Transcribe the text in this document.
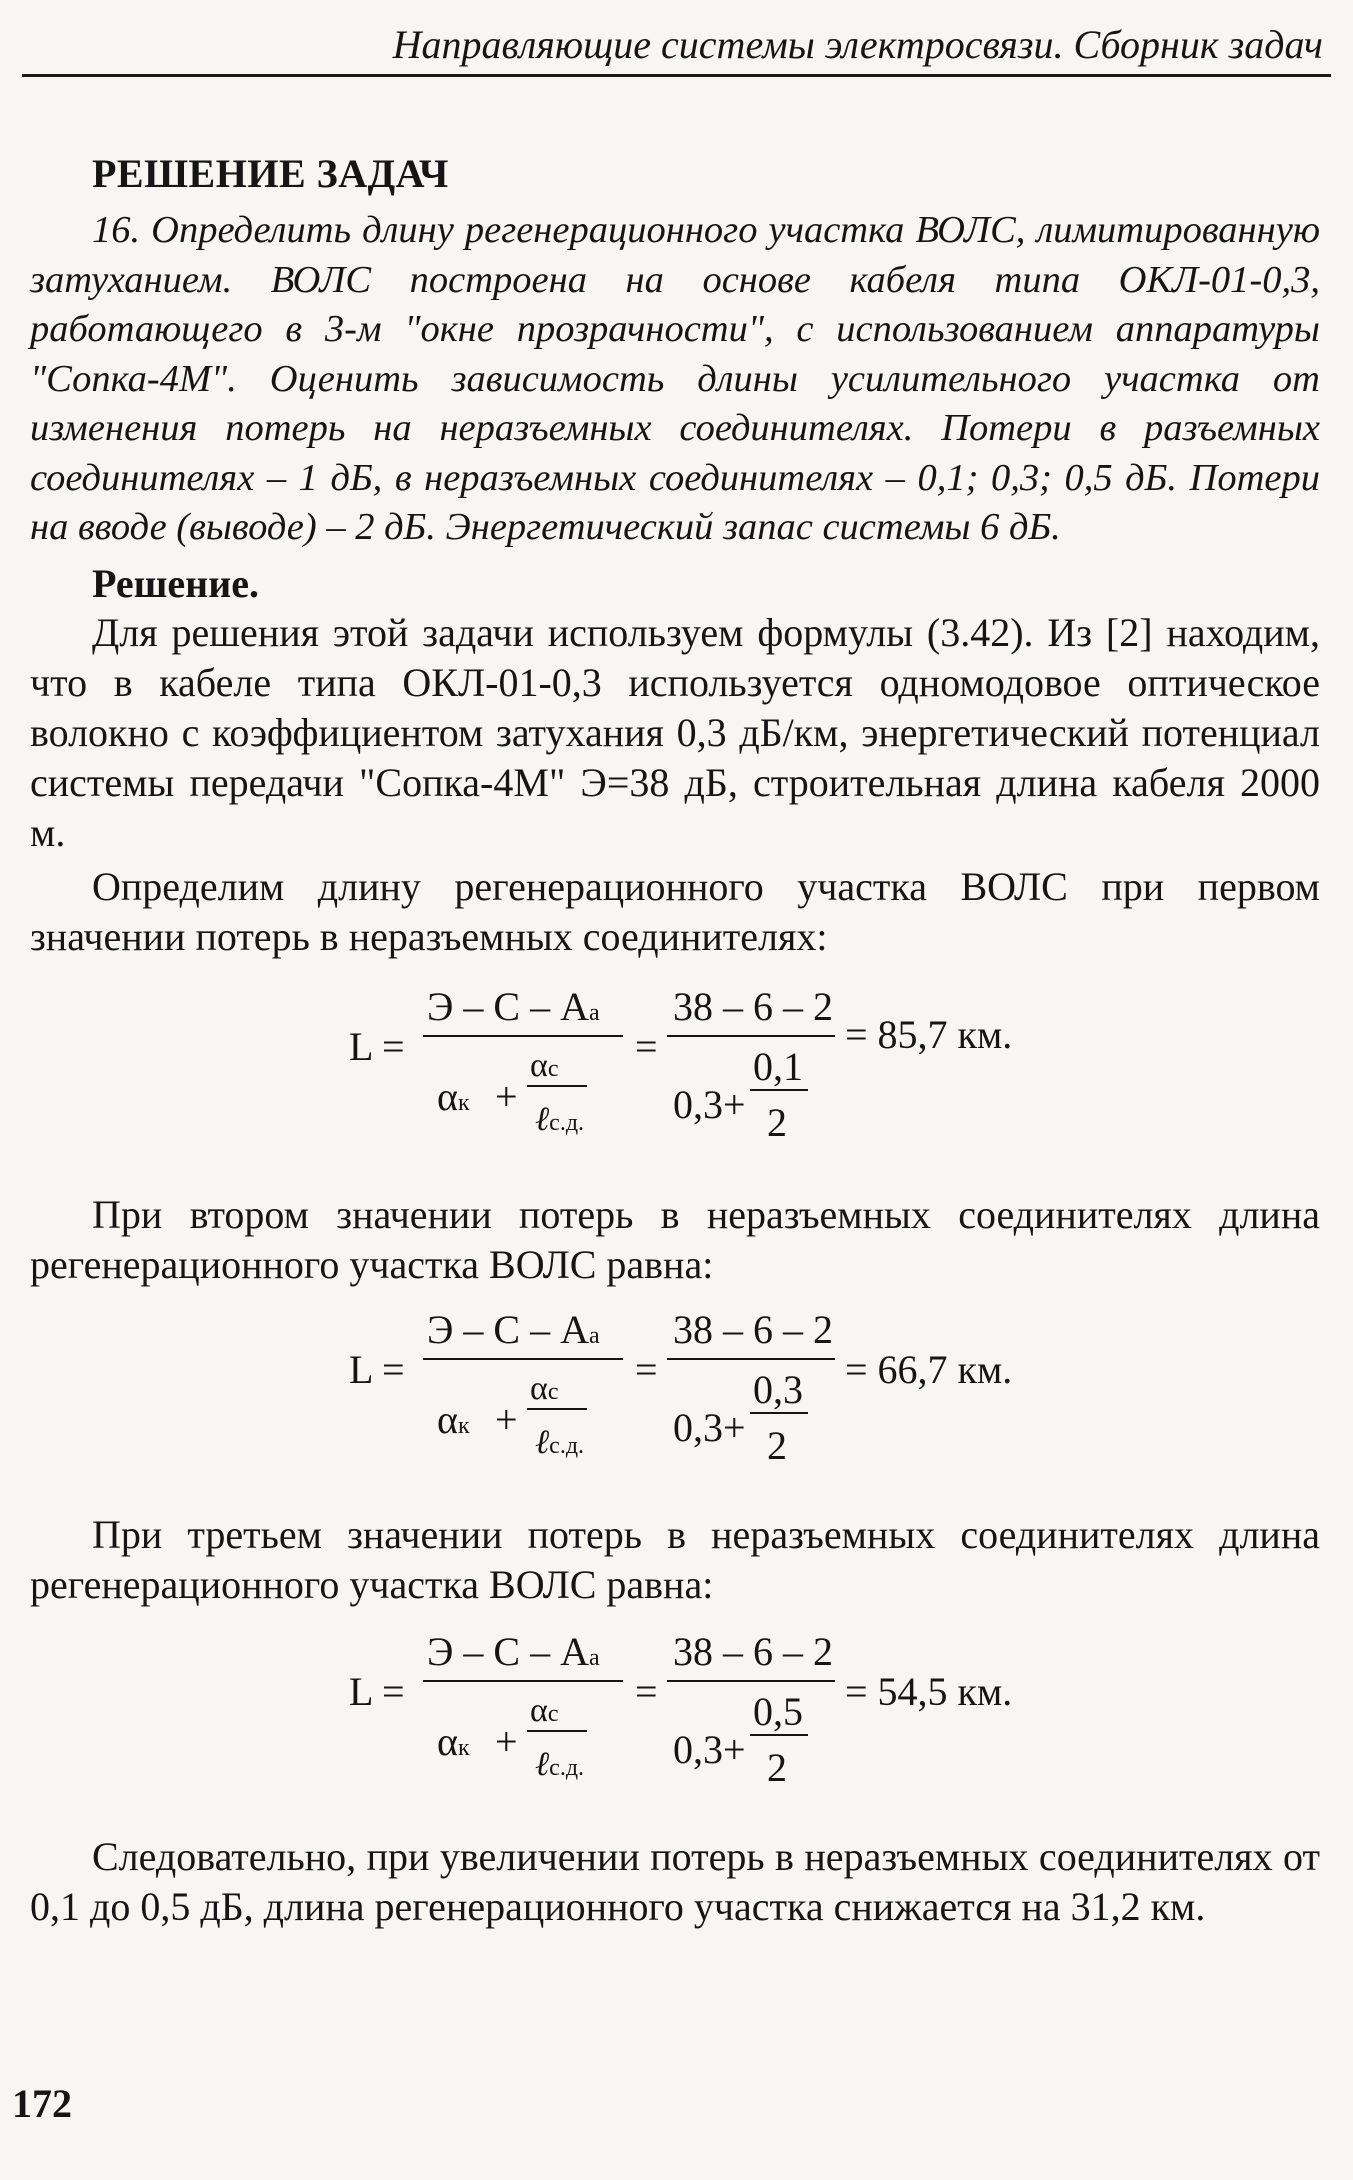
Направляющие системы электросвязи. Сборник задач
РЕШЕНИЕ ЗАДАЧ

16. Определить длину регенерационного участка ВОЛС, лимитированную затуханием. ВОЛС построена на основе кабеля типа ОКЛ-01-0,3, работающего в 3-м "окне прозрачности", с использованием аппаратуры "Сопка-4М". Оценить зависимость длины усилительного участка от изменения потерь на неразъемных соединителях. Потери в разъемных соединителях – 1 дБ, в неразъемных соединителях – 0,1; 0,3; 0,5 дБ. Потери на вводе (выводе) – 2 дБ. Энергетический запас системы 6 дБ.

Решение.

Для решения этой задачи используем формулы (3.42). Из [2] находим, что в кабеле типа ОКЛ-01-0,3 используется одномодовое оптическое волокно с коэффициентом затухания 0,3 дБ/км, энергетический потенциал системы передачи "Сопка-4М" Э=38 дБ, строительная длина кабеля 2000 м.

Определим длину регенерационного участка ВОЛС при первом значении потерь в неразъемных соединителях:

L =
Э – С – Аа
αк +
αс
ℓс.д.
=
38 – 6 – 2
0,3+
0,1
2
= 85,7 км.

При втором значении потерь в неразъемных соединителях длина регенерационного участка ВОЛС равна:

L =
Э – С – Аа
αк +
αс
ℓс.д.
=
38 – 6 – 2
0,3+
0,3
2
= 66,7 км.

При третьем значении потерь в неразъемных соединителях длина регенерационного участка ВОЛС равна:

L =
Э – С – Аа
αк +
αс
ℓс.д.
=
38 – 6 – 2
0,3+
0,5
2
= 54,5 км.

Следовательно, при увеличении потерь в неразъемных соединителях от 0,1 до 0,5 дБ, длина регенерационного участка снижается на 31,2 км.

172
